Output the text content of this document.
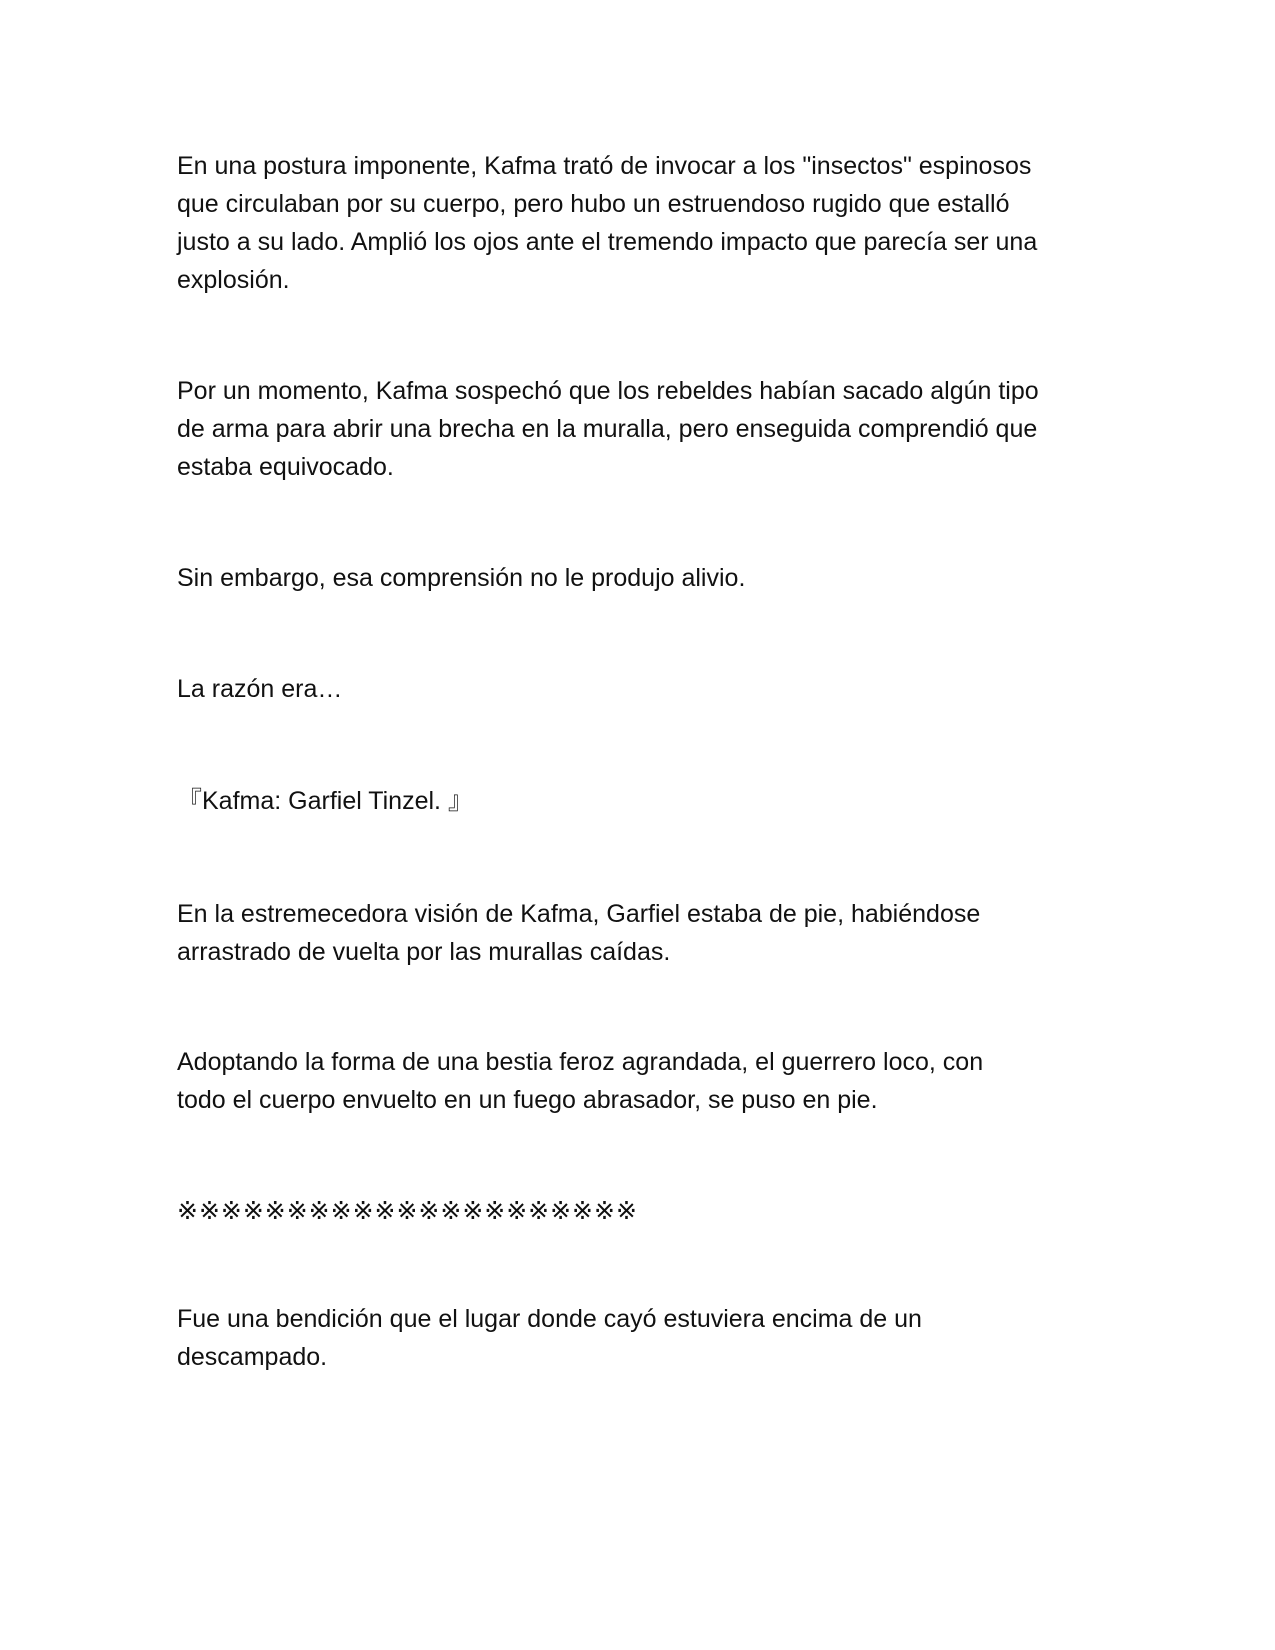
En una postura imponente, Kafma trató de invocar a los "insectos" espinosos
que circulaban por su cuerpo, pero hubo un estruendoso rugido que estalló
justo a su lado. Amplió los ojos ante el tremendo impacto que parecía ser una
explosión.

Por un momento, Kafma sospechó que los rebeldes habían sacado algún tipo
de arma para abrir una brecha en la muralla, pero enseguida comprendió que
estaba equivocado.

Sin embargo, esa comprensión no le produjo alivio.

La razón era…

『Kafma: Garfiel Tinzel. 』

En la estremecedora visión de Kafma, Garfiel estaba de pie, habiéndose
arrastrado de vuelta por las murallas caídas.

Adoptando la forma de una bestia feroz agrandada, el guerrero loco, con
todo el cuerpo envuelto en un fuego abrasador, se puso en pie.

※※※※※※※※※※※※※※※※※※※※※

Fue una bendición que el lugar donde cayó estuviera encima de un
descampado.
